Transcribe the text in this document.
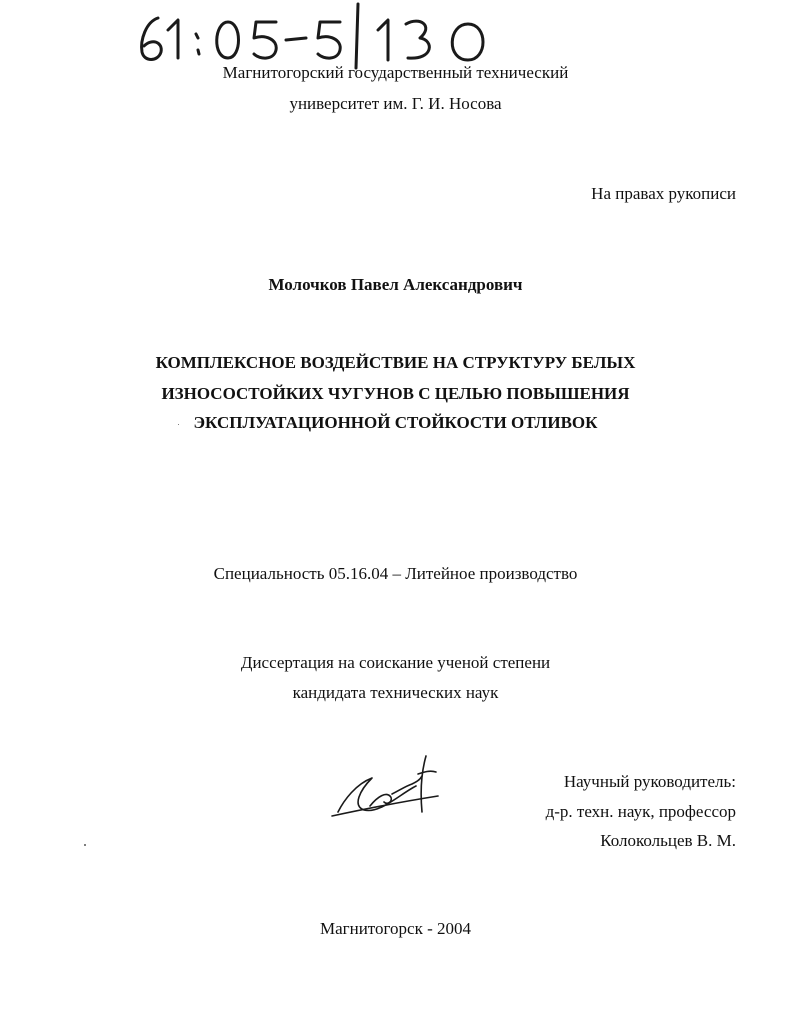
Магнитогорский государственный технический
университет им. Г. И. Носова
На правах рукописи
Молочков Павел Александрович
КОМПЛЕКСНОЕ ВОЗДЕЙСТВИЕ НА СТРУКТУРУ БЕЛЫХ
ИЗНОСОСТОЙКИХ ЧУГУНОВ С ЦЕЛЬЮ ПОВЫШЕНИЯ
ЭКСПЛУАТАЦИОННОЙ СТОЙКОСТИ ОТЛИВОК
Специальность 05.16.04 – Литейное производство
Диссертация на соискание ученой степени
кандидата технических наук
Научный руководитель:
д-р. техн. наук, профессор
Колокольцев В. М.
Магнитогорск - 2004
